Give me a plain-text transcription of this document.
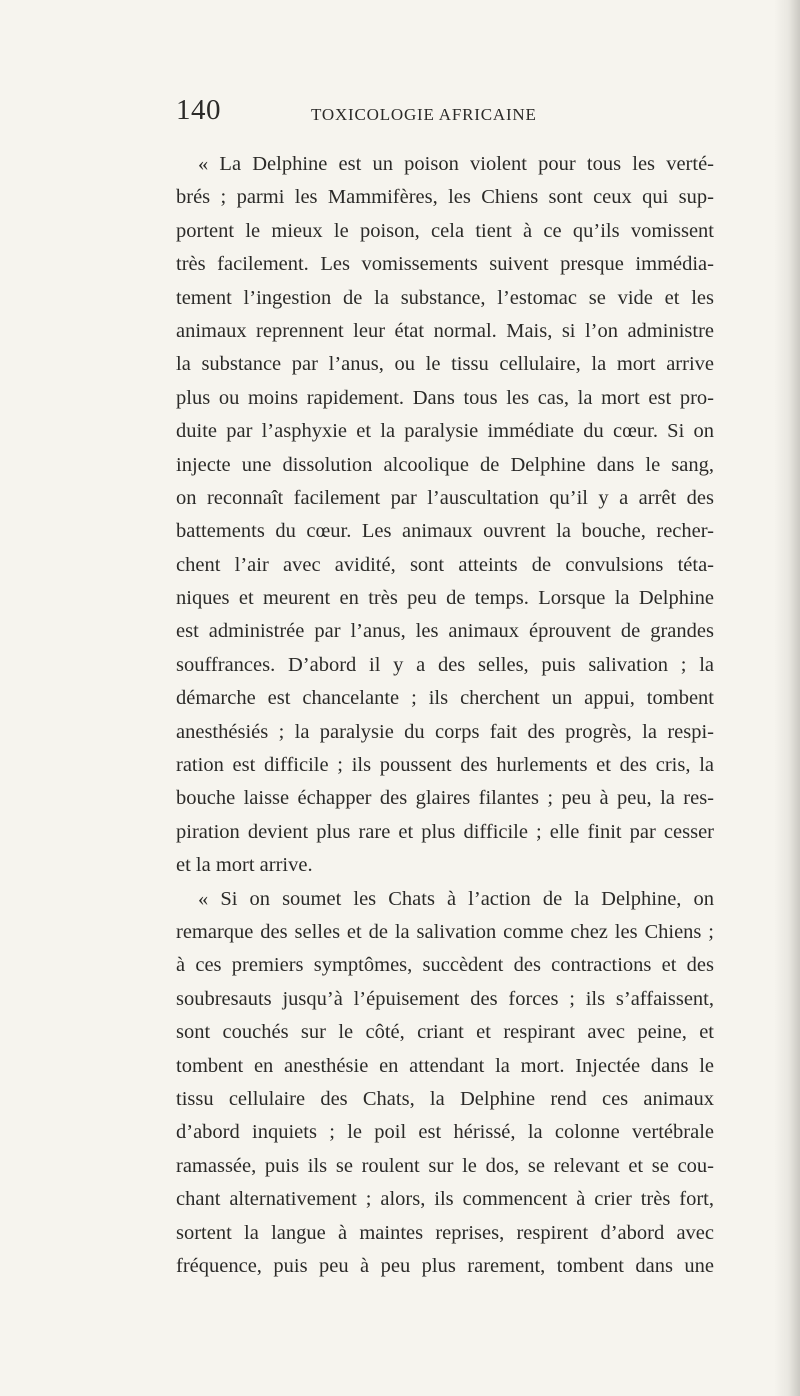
140	TOXICOLOGIE AFRICAINE
« La Delphine est un poison violent pour tous les verté-
brés ; parmi les Mammifères, les Chiens sont ceux qui sup-
portent le mieux le poison, cela tient à ce qu’ils vomissent
très facilement. Les vomissements suivent presque immédia-
tement l’ingestion de la substance, l’estomac se vide et les
animaux reprennent leur état normal. Mais, si l’on administre
la substance par l’anus, ou le tissu cellulaire, la mort arrive
plus ou moins rapidement. Dans tous les cas, la mort est pro-
duite par l’asphyxie et la paralysie immédiate du cœur. Si on
injecte une dissolution alcoolique de Delphine dans le sang,
on reconnaît facilement par l’auscultation qu’il y a arrêt des
battements du cœur. Les animaux ouvrent la bouche, recher-
chent l’air avec avidité, sont atteints de convulsions téta-
niques et meurent en très peu de temps. Lorsque la Delphine
est administrée par l’anus, les animaux éprouvent de grandes
souffrances. D’abord il y a des selles, puis salivation ; la
démarche est chancelante ; ils cherchent un appui, tombent
anesthésiés ; la paralysie du corps fait des progrès, la respi-
ration est difficile ; ils poussent des hurlements et des cris, la
bouche laisse échapper des glaires filantes ; peu à peu, la res-
piration devient plus rare et plus difficile ; elle finit par cesser
et la mort arrive.
« Si on soumet les Chats à l’action de la Delphine, on
remarque des selles et de la salivation comme chez les Chiens ;
à ces premiers symptômes, succèdent des contractions et des
soubresauts jusqu’à l’épuisement des forces ; ils s’affaissent,
sont couchés sur le côté, criant et respirant avec peine, et
tombent en anesthésie en attendant la mort. Injectée dans le
tissu cellulaire des Chats, la Delphine rend ces animaux
d’abord inquiets ; le poil est hérissé, la colonne vertébrale
ramassée, puis ils se roulent sur le dos, se relevant et se cou-
chant alternativement ; alors, ils commencent à crier très fort,
sortent la langue à maintes reprises, respirent d’abord avec
fréquence, puis peu à peu plus rarement, tombent dans une
